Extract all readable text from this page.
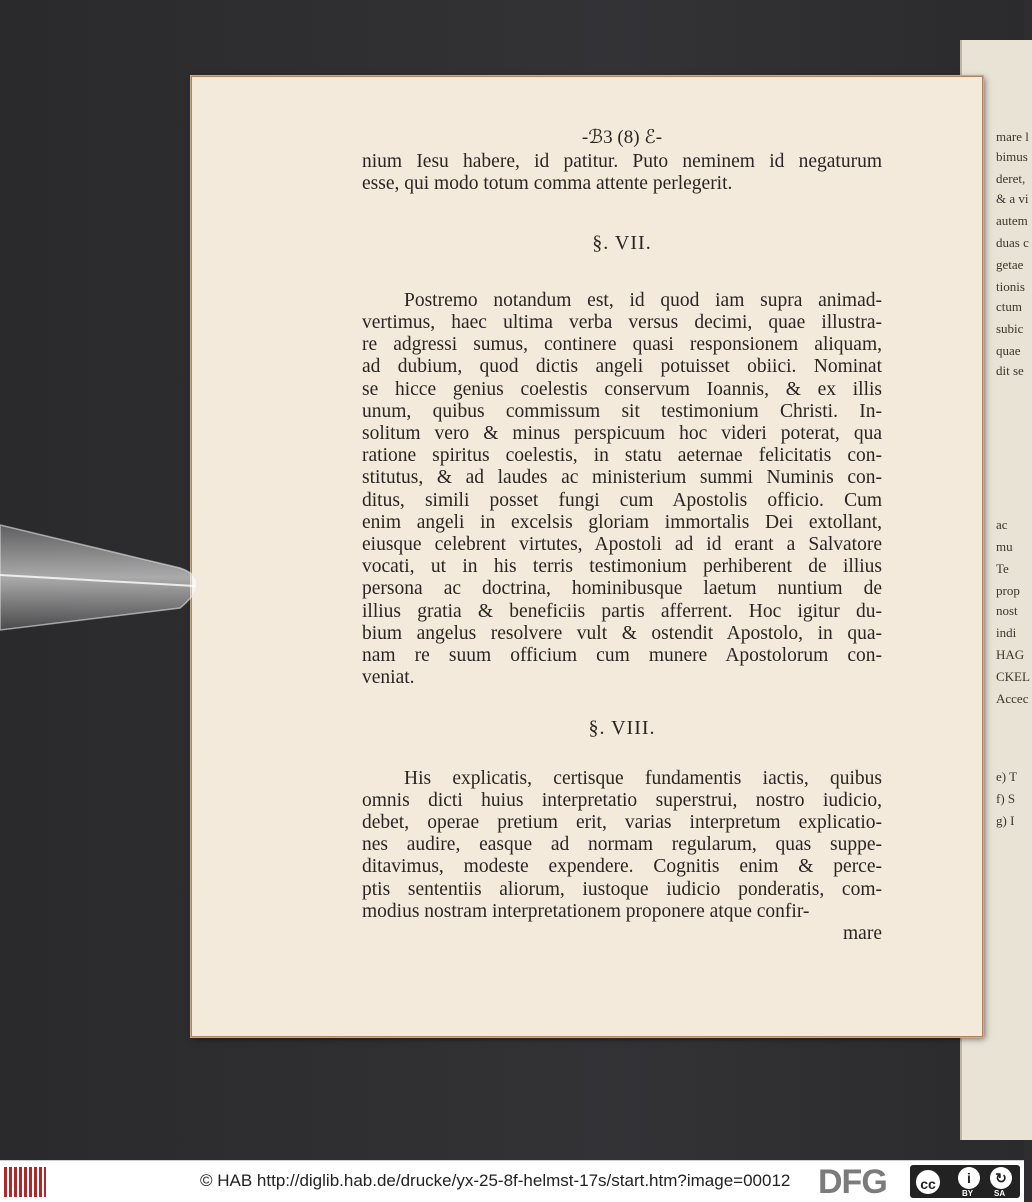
mare l
bimus
deret,
& a vi
autem
duas c
getae
tionis
ctum
subic
quae
dit se
ac
mu
Te
prop
nost
indi
HAG
CKEL
Accec
e) T
f) S
g) I
-ℬ3 (8) ℰ-
nium Iesu habere, id patitur. Puto neminem id negaturum
esse, qui modo totum comma attente perlegerit.
§. VII.
Postremo notandum est, id quod iam supra animad-
vertimus, haec ultima verba versus decimi, quae illustra-
re adgressi sumus, continere quasi responsionem aliquam,
ad dubium, quod dictis angeli potuisset obiici. Nominat
se hicce genius coelestis conservum Ioannis, & ex illis
unum, quibus commissum sit testimonium Christi. In-
solitum vero & minus perspicuum hoc videri poterat, qua
ratione spiritus coelestis, in statu aeternae felicitatis con-
stitutus, & ad laudes ac ministerium summi Numinis con-
ditus, simili posset fungi cum Apostolis officio. Cum
enim angeli in excelsis gloriam immortalis Dei extollant,
eiusque celebrent virtutes, Apostoli ad id erant a Salvatore
vocati, ut in his terris testimonium perhiberent de illius
persona ac doctrina, hominibusque laetum nuntium de
illius gratia & beneficiis partis afferrent. Hoc igitur du-
bium angelus resolvere vult & ostendit Apostolo, in qua-
nam re suum officium cum munere Apostolorum con-
veniat.
§. VIII.
His explicatis, certisque fundamentis iactis, quibus
omnis dicti huius interpretatio superstrui, nostro iudicio,
debet, operae pretium erit, varias interpretum explicatio-
nes audire, easque ad normam regularum, quas suppe-
ditavimus, modeste expendere. Cognitis enim & perce-
ptis sententiis aliorum, iustoque iudicio ponderatis, com-
modius nostram interpretationem proponere atque confir-
mare
© HAB http://diglib.hab.de/drucke/yx-25-8f-helmst-17s/start.htm?image=00012 DFG	cc	i	↻
BY	SA
